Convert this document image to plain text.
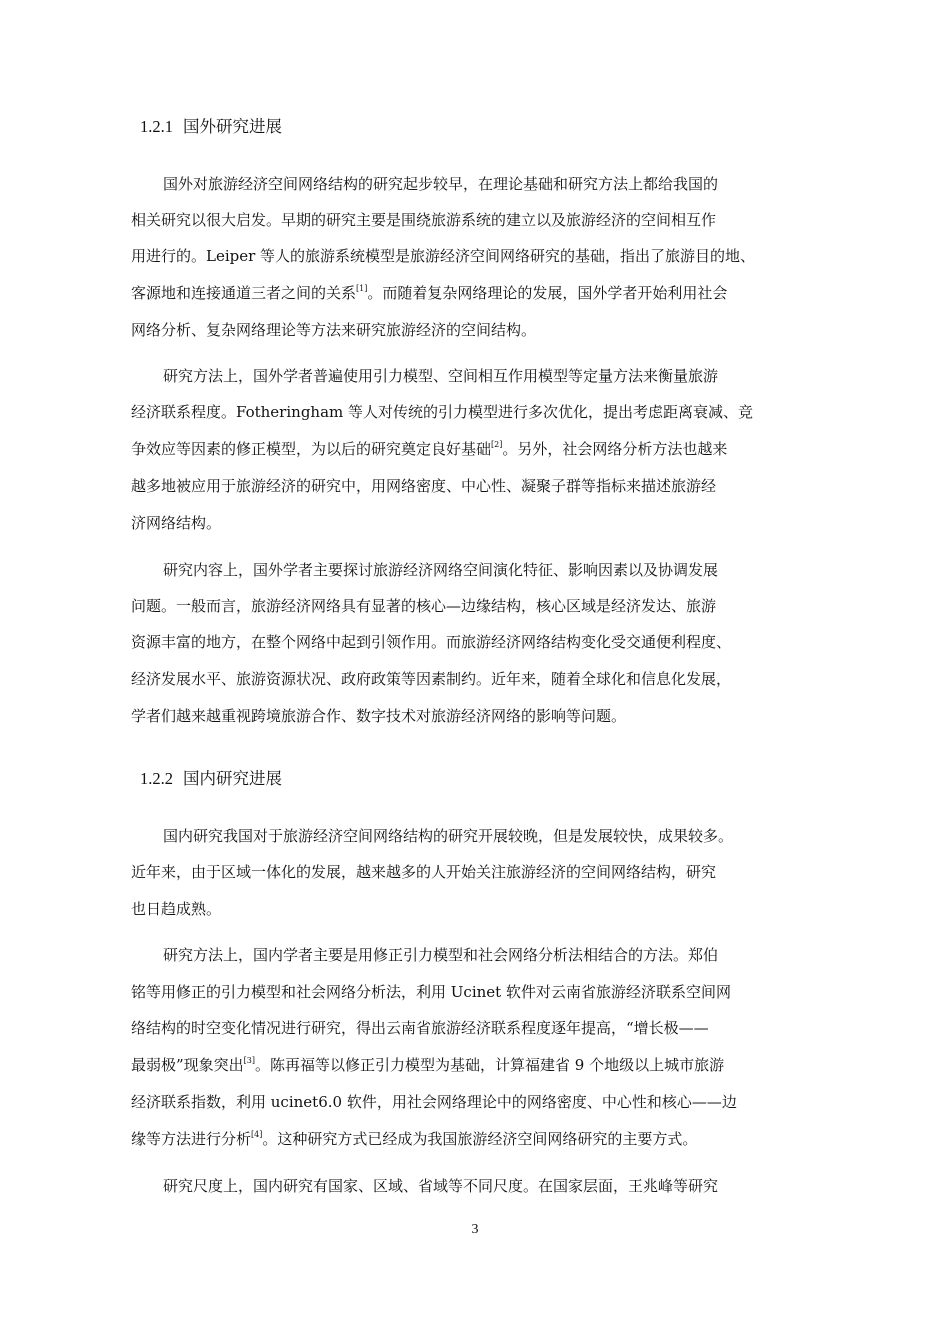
1.2.1 国外研究进展
国外对旅游经济空间网络结构的研究起步较早，在理论基础和研究方法上都给我国的
相关研究以很大启发。早期的研究主要是围绕旅游系统的建立以及旅游经济的空间相互作
用进行的。Leiper 等人的旅游系统模型是旅游经济空间网络研究的基础，指出了旅游目的地、
客源地和连接通道三者之间的关系[1]。而随着复杂网络理论的发展，国外学者开始利用社会
网络分析、复杂网络理论等方法来研究旅游经济的空间结构。
研究方法上，国外学者普遍使用引力模型、空间相互作用模型等定量方法来衡量旅游
经济联系程度。Fotheringham 等人对传统的引力模型进行多次优化，提出考虑距离衰减、竞
争效应等因素的修正模型，为以后的研究奠定良好基础[2]。另外，社会网络分析方法也越来
越多地被应用于旅游经济的研究中，用网络密度、中心性、凝聚子群等指标来描述旅游经
济网络结构。
研究内容上，国外学者主要探讨旅游经济网络空间演化特征、影响因素以及协调发展
问题。一般而言，旅游经济网络具有显著的核心—边缘结构，核心区域是经济发达、旅游
资源丰富的地方，在整个网络中起到引领作用。而旅游经济网络结构变化受交通便利程度、
经济发展水平、旅游资源状况、政府政策等因素制约。近年来，随着全球化和信息化发展，
学者们越来越重视跨境旅游合作、数字技术对旅游经济网络的影响等问题。
1.2.2 国内研究进展
国内研究我国对于旅游经济空间网络结构的研究开展较晚，但是发展较快，成果较多。
近年来，由于区域一体化的发展，越来越多的人开始关注旅游经济的空间网络结构，研究
也日趋成熟。
研究方法上，国内学者主要是用修正引力模型和社会网络分析法相结合的方法。郑伯
铭等用修正的引力模型和社会网络分析法，利用 Ucinet 软件对云南省旅游经济联系空间网
络结构的时空变化情况进行研究，得出云南省旅游经济联系程度逐年提高，“增长极——
最弱极”现象突出[3]。陈再福等以修正引力模型为基础，计算福建省 9 个地级以上城市旅游
经济联系指数，利用 ucinet6.0 软件，用社会网络理论中的网络密度、中心性和核心——边
缘等方法进行分析[4]。这种研究方式已经成为我国旅游经济空间网络研究的主要方式。
研究尺度上，国内研究有国家、区域、省域等不同尺度。在国家层面，王兆峰等研究
3
